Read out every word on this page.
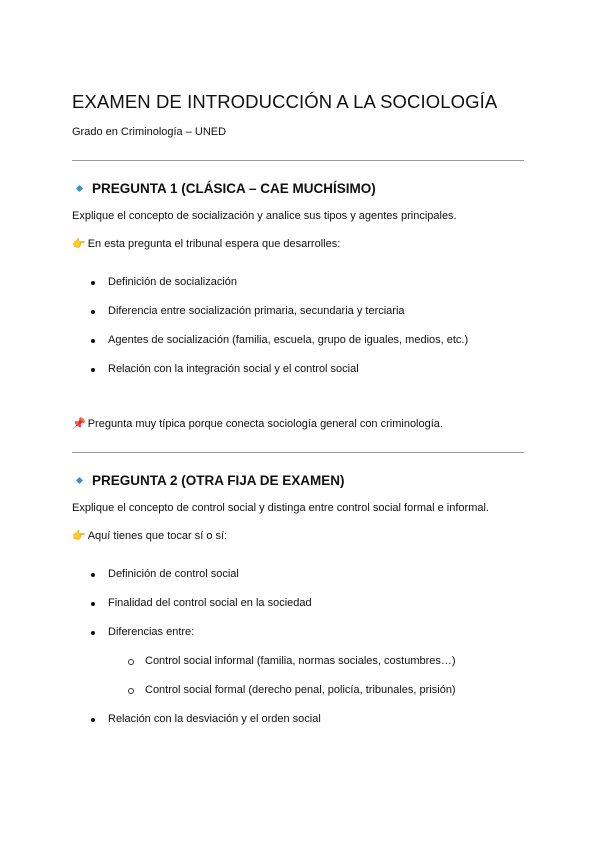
EXAMEN DE INTRODUCCIÓN A LA SOCIOLOGÍA
Grado en Criminología – UNED
PREGUNTA 1 (CLÁSICA – CAE MUCHÍSIMO)
Explique el concepto de socialización y analice sus tipos y agentes principales.
👉 En esta pregunta el tribunal espera que desarrolles:
Definición de socialización
Diferencia entre socialización primaria, secundaria y terciaria
Agentes de socialización (familia, escuela, grupo de iguales, medios, etc.)
Relación con la integración social y el control social
📌 Pregunta muy típica porque conecta sociología general con criminología.
PREGUNTA 2 (OTRA FIJA DE EXAMEN)
Explique el concepto de control social y distinga entre control social formal e informal.
👉 Aquí tienes que tocar sí o sí:
Definición de control social
Finalidad del control social en la sociedad
Diferencias entre:
Control social informal (familia, normas sociales, costumbres…)
Control social formal (derecho penal, policía, tribunales, prisión)
Relación con la desviación y el orden social
